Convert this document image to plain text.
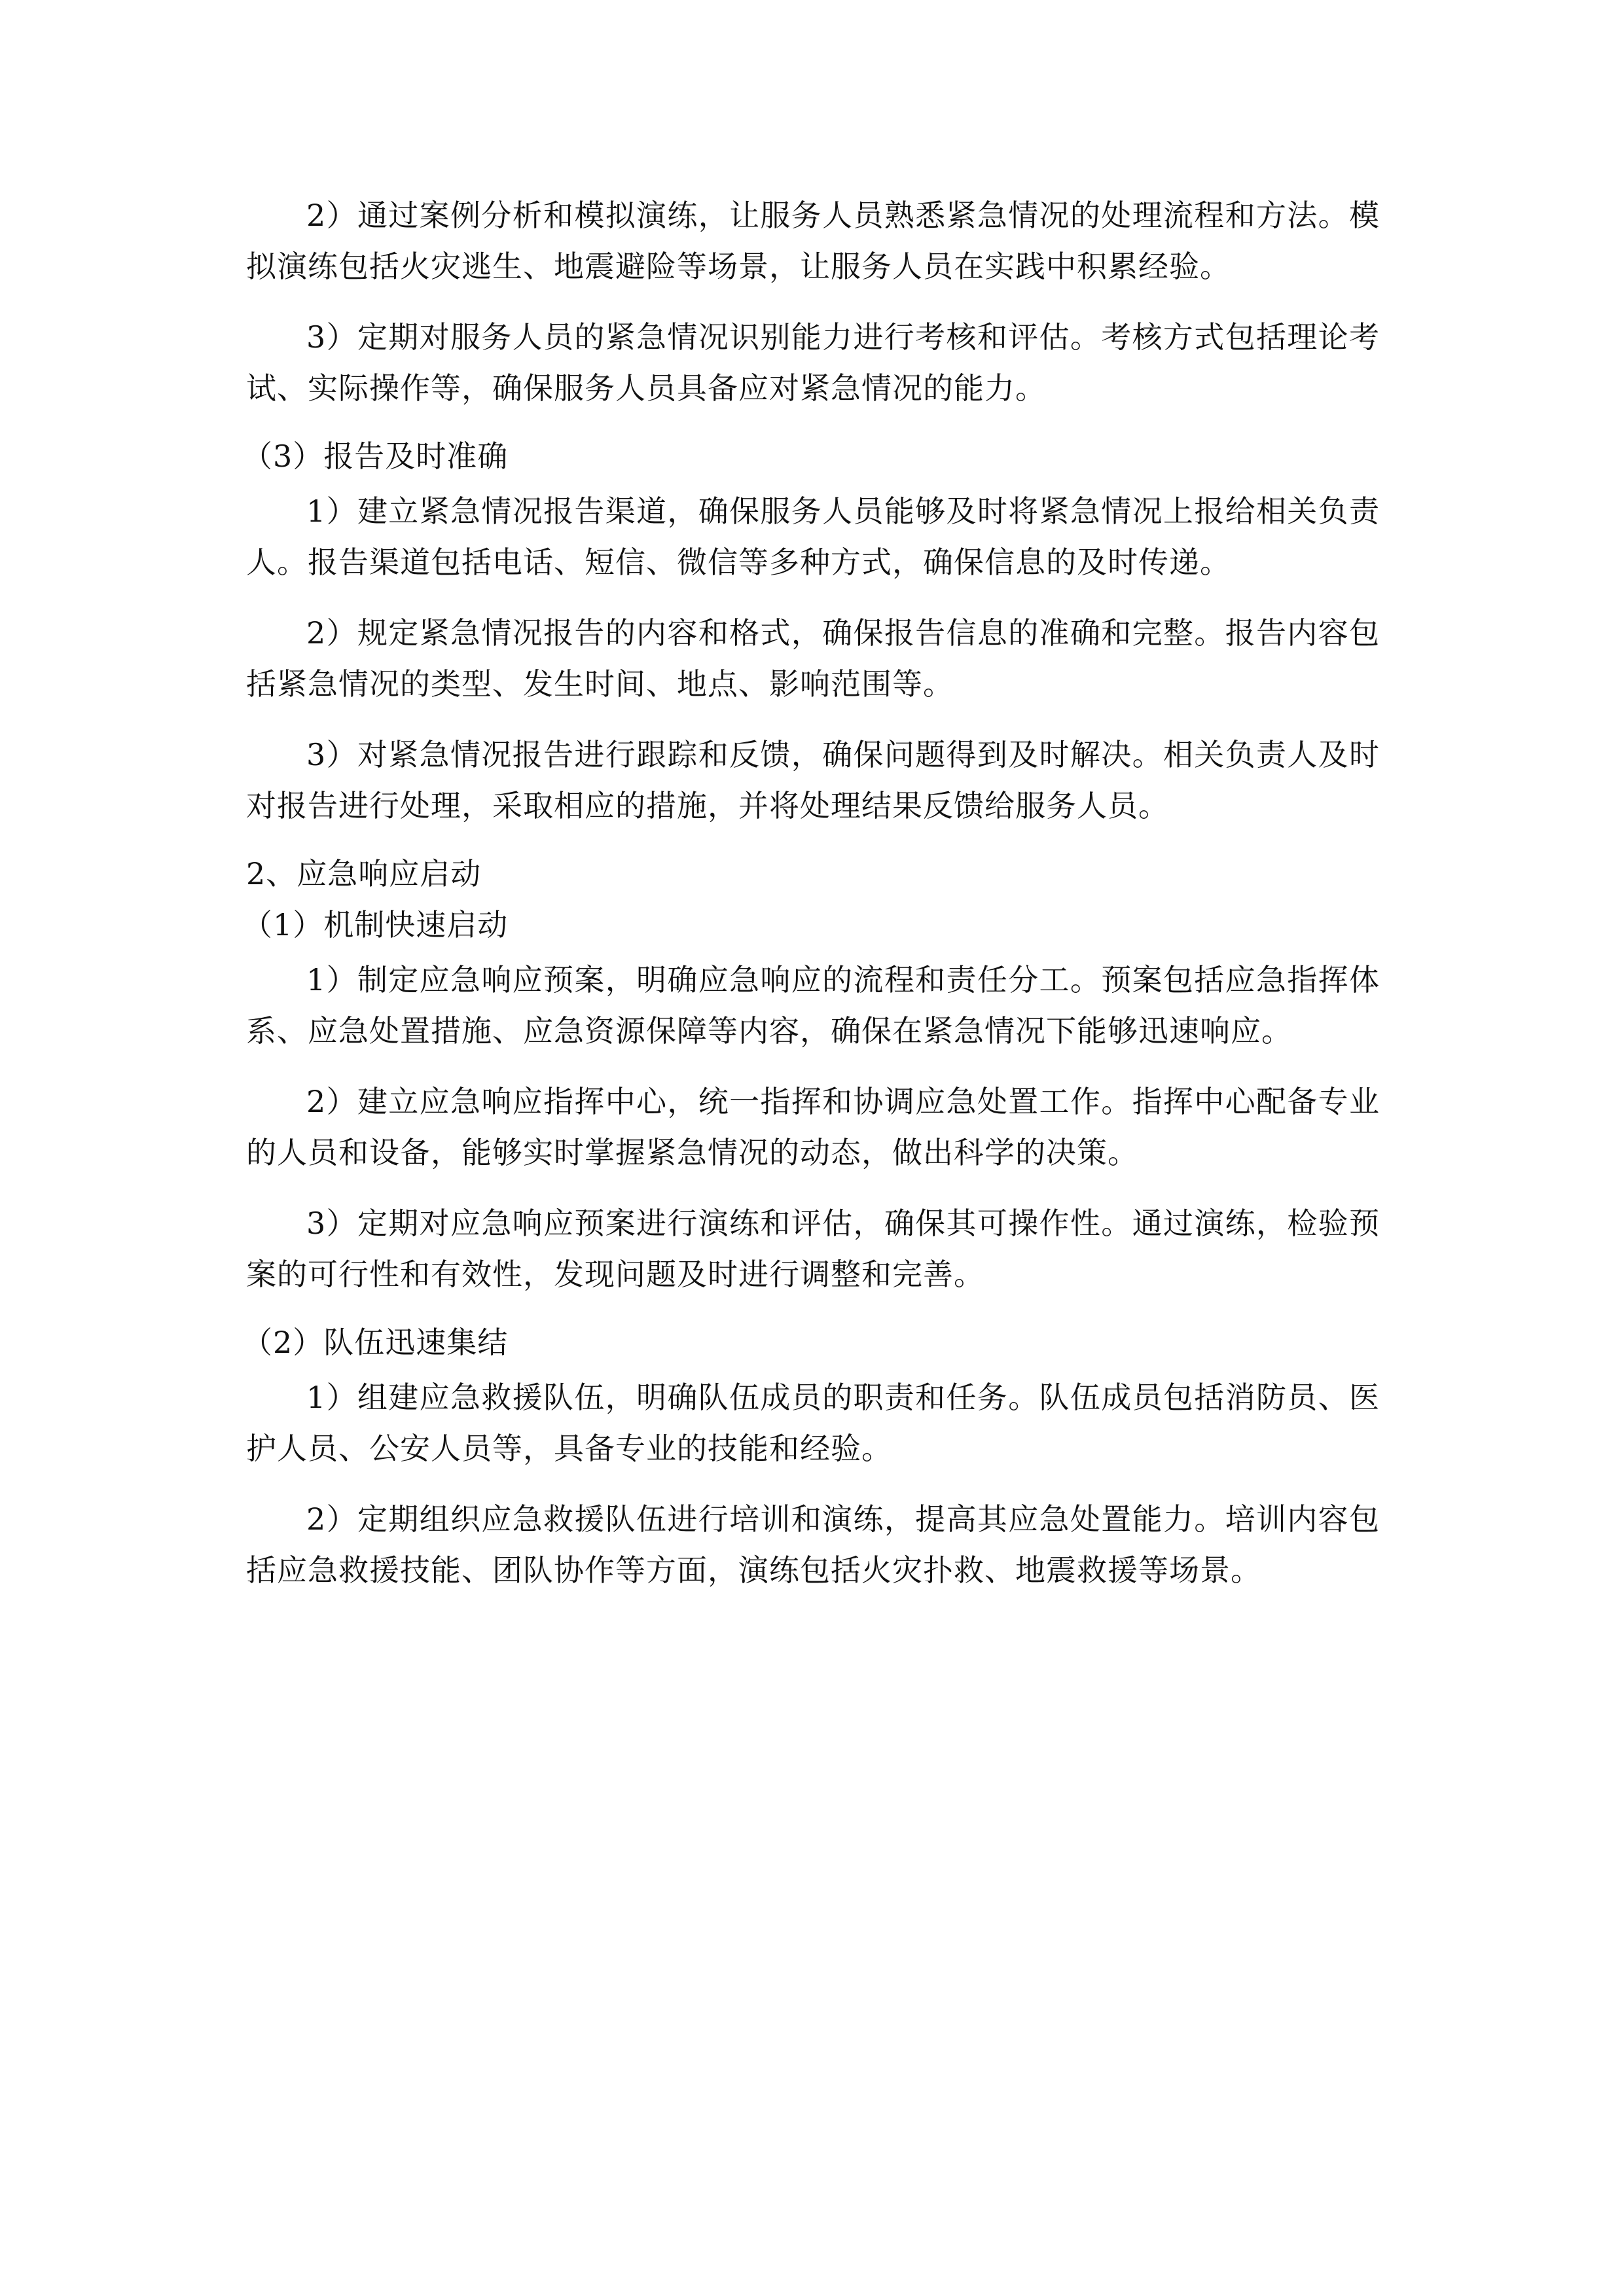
2）通过案例分析和模拟演练，让服务人员熟悉紧急情况的处理流程和方法。模拟演练包括火灾逃生、地震避险等场景，让服务人员在实践中积累经验。

3）定期对服务人员的紧急情况识别能力进行考核和评估。考核方式包括理论考试、实际操作等，确保服务人员具备应对紧急情况的能力。

（3）报告及时准确

1）建立紧急情况报告渠道，确保服务人员能够及时将紧急情况上报给相关负责人。报告渠道包括电话、短信、微信等多种方式，确保信息的及时传递。

2）规定紧急情况报告的内容和格式，确保报告信息的准确和完整。报告内容包括紧急情况的类型、发生时间、地点、影响范围等。

3）对紧急情况报告进行跟踪和反馈，确保问题得到及时解决。相关负责人及时对报告进行处理，采取相应的措施，并将处理结果反馈给服务人员。

2、应急响应启动

（1）机制快速启动

1）制定应急响应预案，明确应急响应的流程和责任分工。预案包括应急指挥体系、应急处置措施、应急资源保障等内容，确保在紧急情况下能够迅速响应。

2）建立应急响应指挥中心，统一指挥和协调应急处置工作。指挥中心配备专业的人员和设备，能够实时掌握紧急情况的动态，做出科学的决策。

3）定期对应急响应预案进行演练和评估，确保其可操作性。通过演练，检验预案的可行性和有效性，发现问题及时进行调整和完善。

（2）队伍迅速集结

1）组建应急救援队伍，明确队伍成员的职责和任务。队伍成员包括消防员、医护人员、公安人员等，具备专业的技能和经验。

2）定期组织应急救援队伍进行培训和演练，提高其应急处置能力。培训内容包括应急救援技能、团队协作等方面，演练包括火灾扑救、地震救援等场景。
